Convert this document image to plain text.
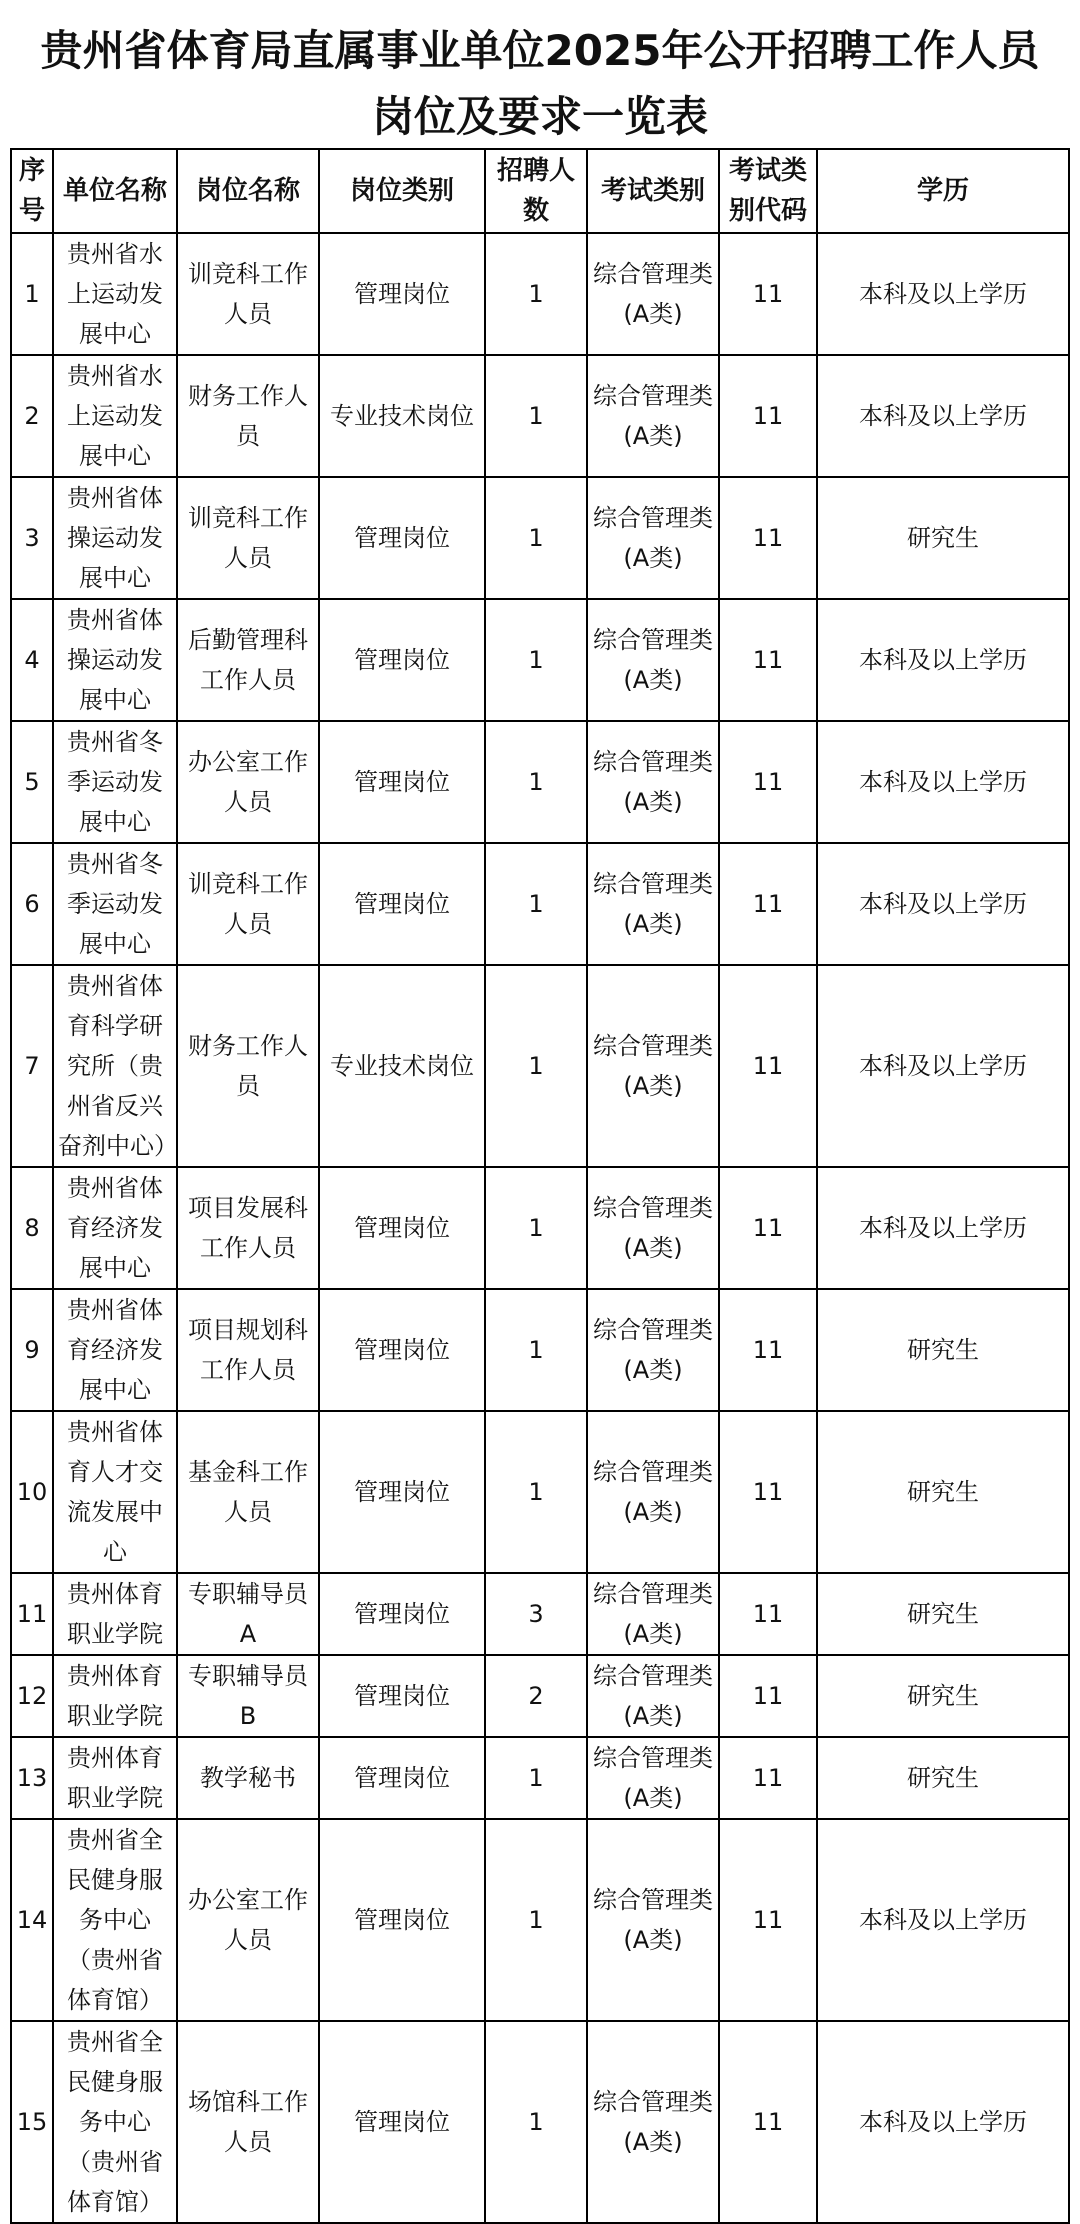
贵州省体育局直属事业单位2025年公开招聘工作人员
岗位及要求一览表
序号	单位名称	岗位名称	岗位类别	招聘人数	考试类别	考试类别代码	学历
1	贵州省水上运动发展中心	训竞科工作人员	管理岗位	1	综合管理类(A类)	11	本科及以上学历
2	贵州省水上运动发展中心	财务工作人员	专业技术岗位	1	综合管理类(A类)	11	本科及以上学历
3	贵州省体操运动发展中心	训竞科工作人员	管理岗位	1	综合管理类(A类)	11	研究生
4	贵州省体操运动发展中心	后勤管理科工作人员	管理岗位	1	综合管理类(A类)	11	本科及以上学历
5	贵州省冬季运动发展中心	办公室工作人员	管理岗位	1	综合管理类(A类)	11	本科及以上学历
6	贵州省冬季运动发展中心	训竞科工作人员	管理岗位	1	综合管理类(A类)	11	本科及以上学历
7	贵州省体育科学研究所（贵州省反兴奋剂中心）	财务工作人员	专业技术岗位	1	综合管理类(A类)	11	本科及以上学历
8	贵州省体育经济发展中心	项目发展科工作人员	管理岗位	1	综合管理类(A类)	11	本科及以上学历
9	贵州省体育经济发展中心	项目规划科工作人员	管理岗位	1	综合管理类(A类)	11	研究生
10	贵州省体育人才交流发展中心	基金科工作人员	管理岗位	1	综合管理类(A类)	11	研究生
11	贵州体育职业学院	专职辅导员A	管理岗位	3	综合管理类(A类)	11	研究生
12	贵州体育职业学院	专职辅导员B	管理岗位	2	综合管理类(A类)	11	研究生
13	贵州体育职业学院	教学秘书	管理岗位	1	综合管理类(A类)	11	研究生
14	贵州省全民健身服务中心（贵州省体育馆）	办公室工作人员	管理岗位	1	综合管理类(A类)	11	本科及以上学历
15	贵州省全民健身服务中心（贵州省体育馆）	场馆科工作人员	管理岗位	1	综合管理类(A类)	11	本科及以上学历
